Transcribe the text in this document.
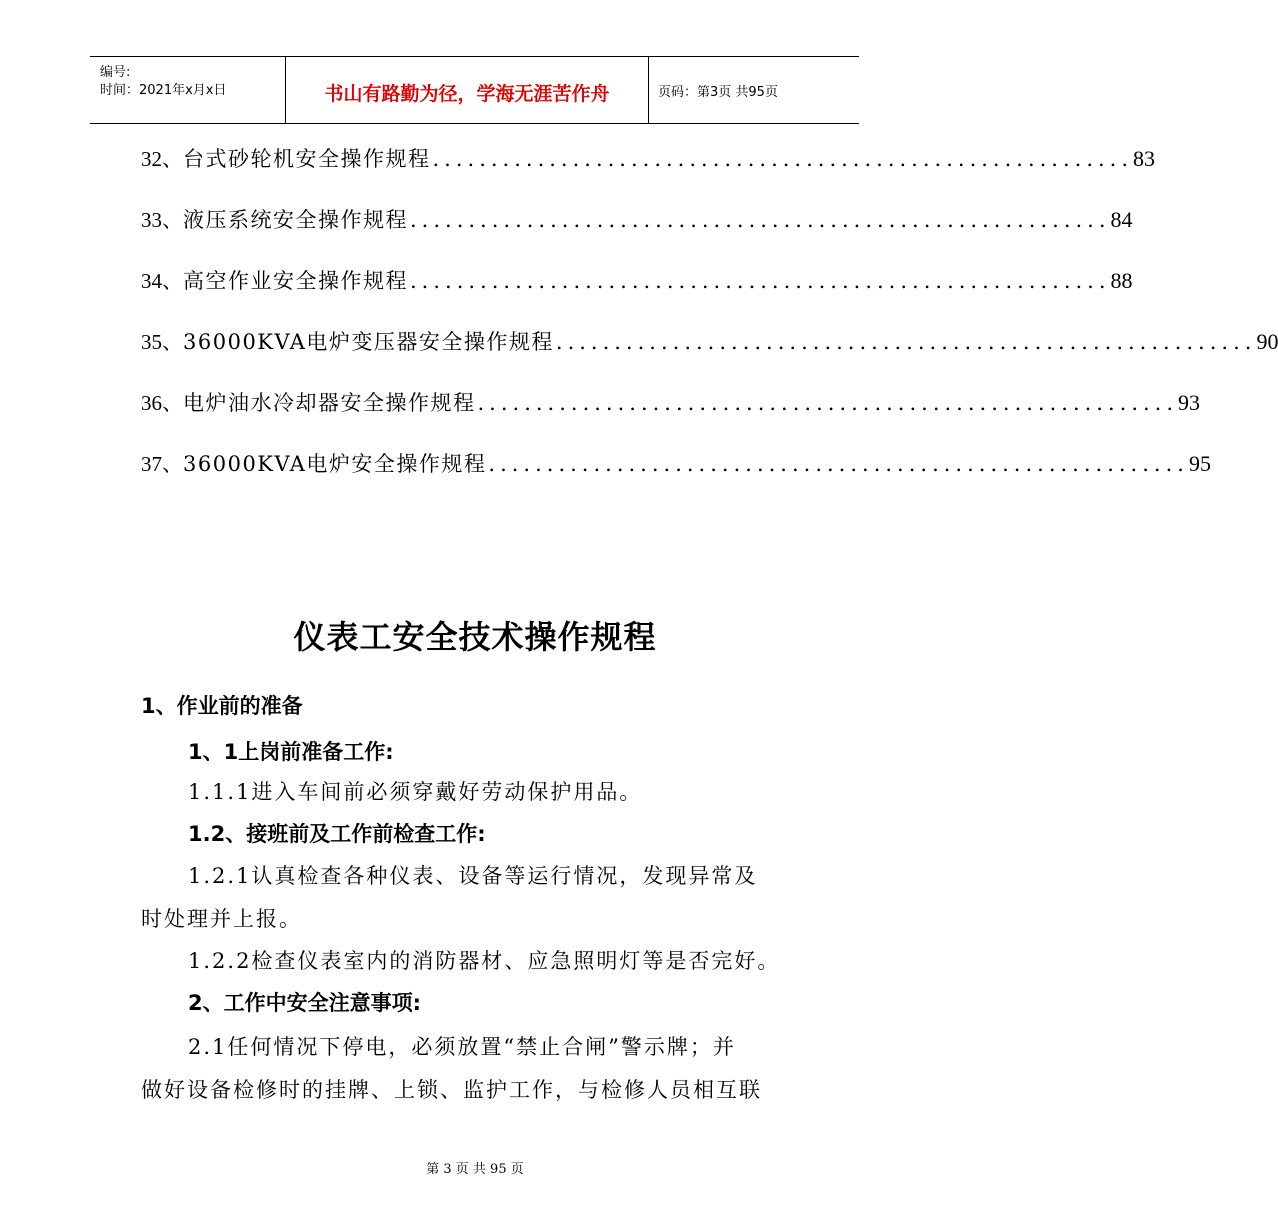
编号:
时间：2021年x月x日	书山有路勤为径，学海无涯苦作舟	页码：第3页 共95页
32、 台式砂轮机安全操作规程 ............................................................ 83
33、 液压系统安全操作规程 ............................................................ 84
34、 高空作业安全操作规程 ............................................................ 88
35、 36000KVA电炉变压器安全操作规程 ............................................................ 90
36、 电炉油水冷却器安全操作规程 ............................................................ 93
37、 36000KVA电炉安全操作规程 ............................................................ 95
仪表工安全技术操作规程
1、作业前的准备
1、1上岗前准备工作:
1.1.1进入车间前必须穿戴好劳动保护用品。
1.2、接班前及工作前检查工作:
1.2.1认真检查各种仪表、设备等运行情况，发现异常及
时处理并上报。
1.2.2检查仪表室内的消防器材、应急照明灯等是否完好。
2、工作中安全注意事项:
2.1任何情况下停电，必须放置“禁止合闸”警示牌；并
做好设备检修时的挂牌、上锁、监护工作，与检修人员相互联
第 3 页 共 95 页
